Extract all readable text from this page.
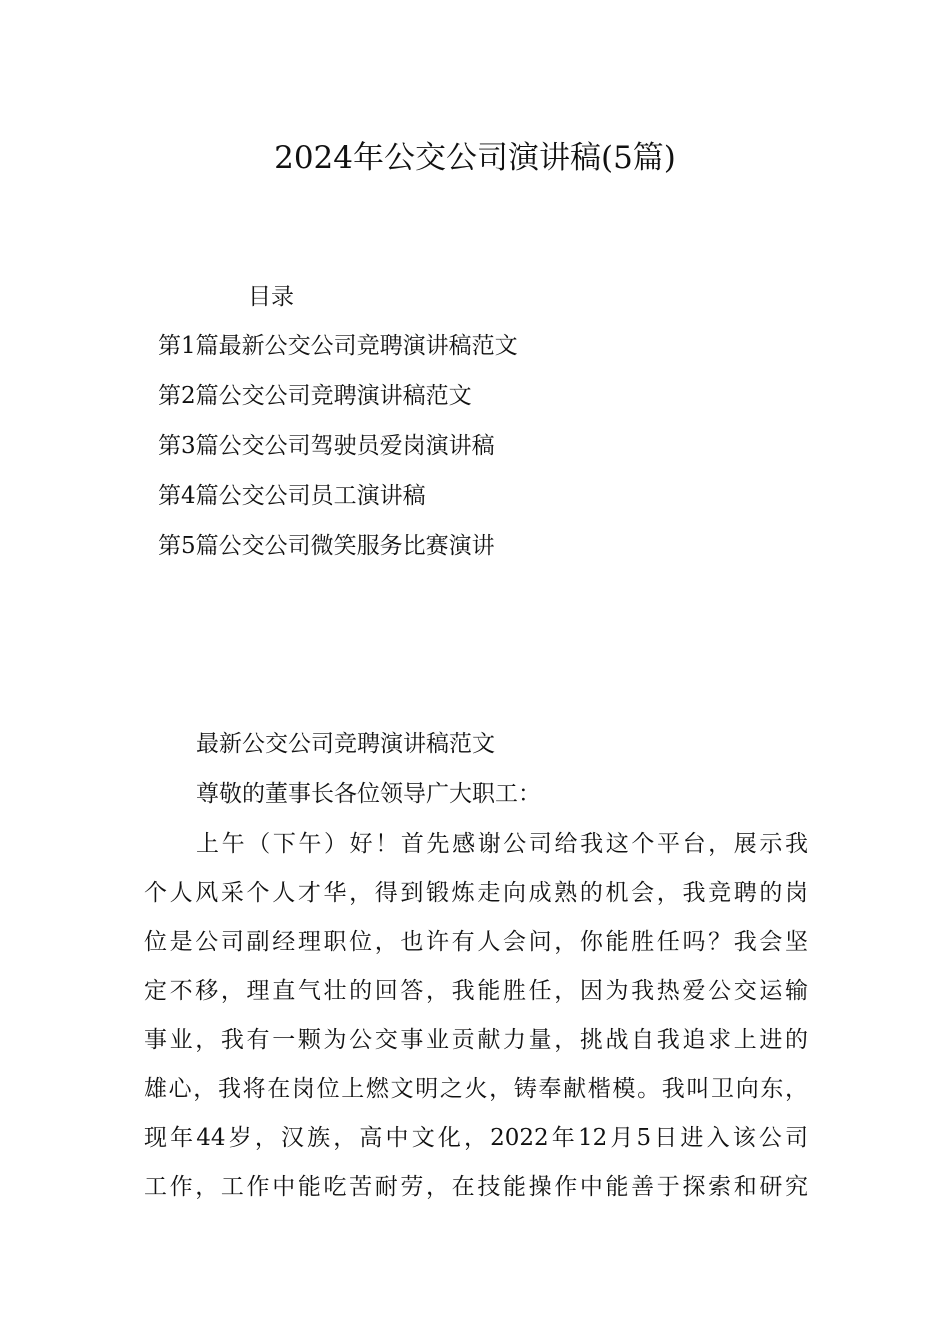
2024年公交公司演讲稿(5篇)
目录
第1篇最新公交公司竞聘演讲稿范文
第2篇公交公司竞聘演讲稿范文
第3篇公交公司驾驶员爱岗演讲稿
第4篇公交公司员工演讲稿
第5篇公交公司微笑服务比赛演讲
最新公交公司竞聘演讲稿范文
尊敬的董事长各位领导广大职工：
上午（下午）好！首先感谢公司给我这个平台，展示我
个人风采个人才华，得到锻炼走向成熟的机会，我竞聘的岗
位是公司副经理职位，也许有人会问，你能胜任吗？我会坚
定不移，理直气壮的回答，我能胜任，因为我热爱公交运输
事业，我有一颗为公交事业贡献力量，挑战自我追求上进的
雄心，我将在岗位上燃文明之火，铸奉献楷模。我叫卫向东，
现年44岁，汉族，高中文化，2022年12月5日进入该公司
工作，工作中能吃苦耐劳，在技能操作中能善于探索和研究
